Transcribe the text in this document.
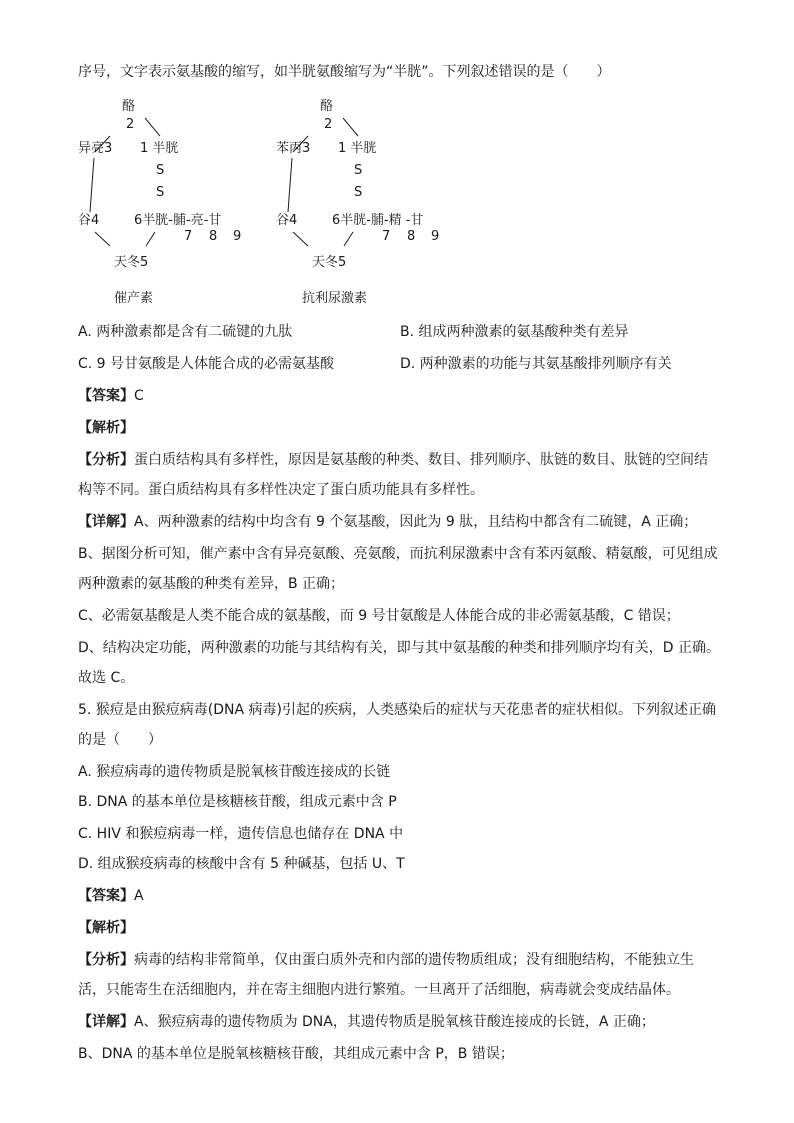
序号，文字表示氨基酸的缩写，如半胱氨酸缩写为“半胱”。下列叙述错误的是（　　）
酪
2
异亮3 1 半胱
S
S
谷4	6半胱-脯-亮-甘
7 8 9
天冬5
催产素
酪
2
苯丙3 1 半胱
S
S
谷4	6半胱-脯-精 -甘
7 8 9
天冬5
抗利尿激素
A. 两种激素都是含有二硫键的九肽	B. 组成两种激素的氨基酸种类有差异
C. 9 号甘氨酸是人体能合成的必需氨基酸	D. 两种激素的功能与其氨基酸排列顺序有关
【答案】C
【解析】
【分析】蛋白质结构具有多样性，原因是氨基酸的种类、数目、排列顺序、肽链的数目、肽链的空间结
构等不同。蛋白质结构具有多样性决定了蛋白质功能具有多样性。
【详解】A、两种激素的结构中均含有 9 个氨基酸，因此为 9 肽，且结构中都含有二硫键，A 正确；
B、据图分析可知，催产素中含有异亮氨酸、亮氨酸，而抗利尿激素中含有苯丙氨酸、精氨酸，可见组成
两种激素的氨基酸的种类有差异，B 正确；
C、必需氨基酸是人类不能合成的氨基酸，而 9 号甘氨酸是人体能合成的非必需氨基酸，C 错误；
D、结构决定功能，两种激素的功能与其结构有关，即与其中氨基酸的种类和排列顺序均有关，D 正确。
故选 C。
5. 猴痘是由猴痘病毒(DNA 病毒)引起的疾病，人类感染后的症状与天花患者的症状相似。下列叙述正确
的是（　　）
A. 猴痘病毒的遗传物质是脱氧核苷酸连接成的长链
B. DNA 的基本单位是核糖核苷酸，组成元素中含 P
C. HIV 和猴痘病毒一样，遗传信息也储存在 DNA 中
D. 组成猴疫病毒的核酸中含有 5 种碱基，包括 U、T
【答案】A
【解析】
【分析】病毒的结构非常简单，仅由蛋白质外壳和内部的遗传物质组成；没有细胞结构，不能独立生
活，只能寄生在活细胞内，并在寄主细胞内进行繁殖。一旦离开了活细胞，病毒就会变成结晶体。
【详解】A、猴痘病毒的遗传物质为 DNA，其遗传物质是脱氧核苷酸连接成的长链，A 正确；
B、DNA 的基本单位是脱氧核糖核苷酸，其组成元素中含 P，B 错误；
